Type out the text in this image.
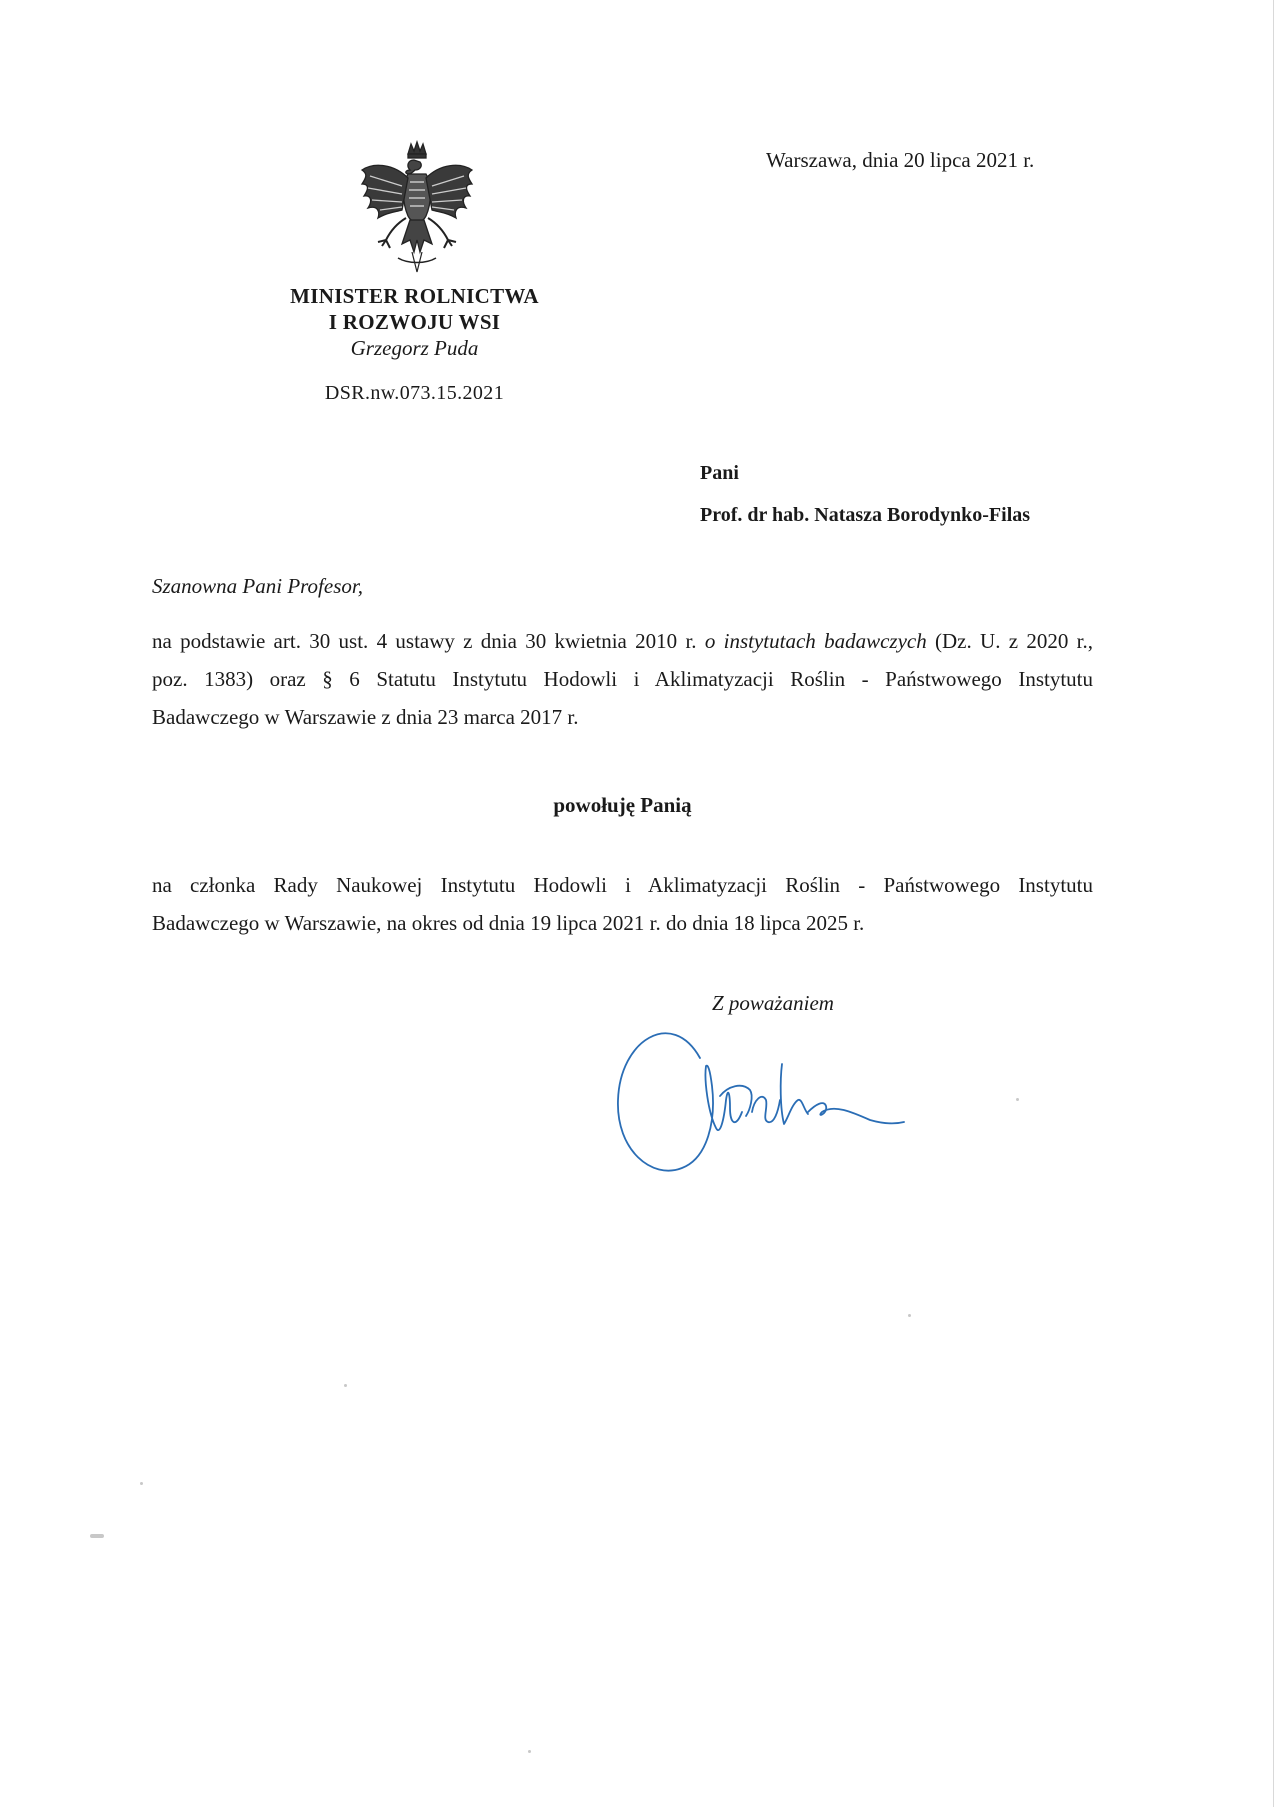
Warszawa, dnia 20 lipca 2021 r.
MINISTER ROLNICTWA
I ROZWOJU WSI
Grzegorz Puda
DSR.nw.073.15.2021
Pani
Prof. dr hab. Natasza Borodynko-Filas
Szanowna Pani Profesor,
na podstawie art. 30 ust. 4 ustawy z dnia 30 kwietnia 2010 r. o instytutach badawczych (Dz. U. z 2020 r.,
poz. 1383) oraz § 6 Statutu Instytutu Hodowli i Aklimatyzacji Roślin - Państwowego Instytutu
Badawczego w Warszawie z dnia 23 marca 2017 r.
powołuję Panią
na członka Rady Naukowej Instytutu Hodowli i Aklimatyzacji Roślin - Państwowego Instytutu
Badawczego w Warszawie, na okres od dnia 19 lipca 2021 r. do dnia 18 lipca 2025 r.
Z poważaniem
